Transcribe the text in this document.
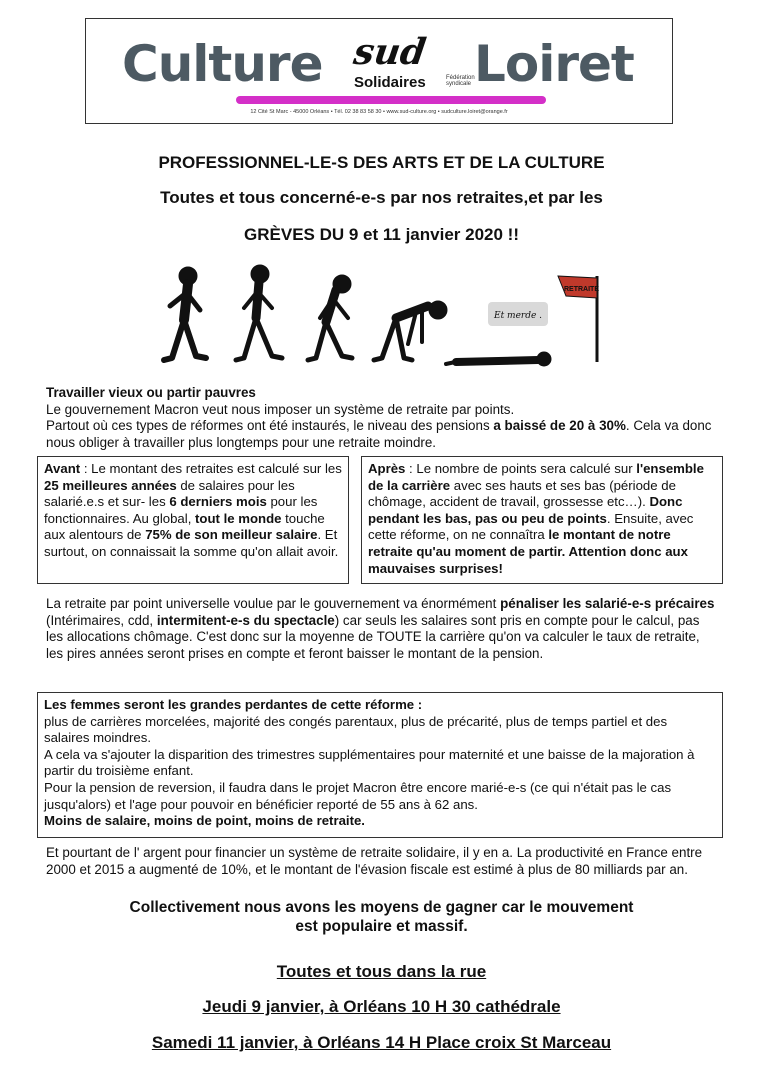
Culture sud
Solidaires	Fédération
syndicale Loiret
12 Cité St Marc - 45000 Orléans • Tél. 02 38 83 58 30 • www.sud-culture.org • sudculture.loiret@orange.fr
PROFESSIONNEL-LE-S DES ARTS ET DE LA CULTURE
Toutes et tous concerné-e-s par nos retraites,et par les
GRÈVES DU 9 et 11 janvier 2020 !!
Et merde .
RETRAITE
Travailler vieux ou partir pauvres
Le gouvernement Macron veut nous imposer un système de retraite par points.
Partout où ces types de réformes ont été instaurés, le niveau des pensions a baissé de 20 à 30%. Cela va donc nous obliger à travailler plus longtemps pour une retraite moindre.
Avant : Le montant des retraites est calculé sur les 25 meilleures années de salaires pour les salarié.e.s et sur- les 6 derniers mois pour les fonctionnaires. Au global, tout le monde touche aux alentours de 75% de son meilleur salaire. Et surtout, on connaissait la somme qu'on allait avoir.
Après : Le nombre de points sera calculé sur l'ensemble de la carrière avec ses hauts et ses bas (période de chômage, accident de travail, grossesse etc…). Donc pendant les bas, pas ou peu de points. Ensuite, avec cette réforme, on ne connaîtra le montant de notre retraite qu'au moment de partir. Attention donc aux mauvaises surprises!
La retraite par point universelle voulue par le gouvernement va énormément pénaliser les salarié-e-s précaires (Intérimaires, cdd, intermitent-e-s du spectacle) car seuls les salaires sont pris en compte pour le calcul, pas les allocations chômage. C'est donc sur la moyenne de TOUTE la carrière qu'on va calculer le taux de retraite, les pires années seront prises en compte et feront baisser le montant de la pension.
Les femmes seront les grandes perdantes de cette réforme :
plus de carrières morcelées, majorité des congés parentaux, plus de précarité, plus de temps partiel et des salaires moindres.
A cela va s'ajouter la disparition des trimestres supplémentaires pour maternité et une baisse de la majoration à partir du troisième enfant.
Pour la pension de reversion, il faudra dans le projet Macron être encore marié-e-s (ce qui n'était pas le cas jusqu'alors) et l'age pour pouvoir en bénéficier reporté de 55 ans à 62 ans.
Moins de salaire, moins de point, moins de retraite.
Et pourtant de l' argent pour financier un système de retraite solidaire, il y en a. La productivité en France entre 2000 et 2015 a augmenté de 10%, et le montant de l'évasion fiscale est estimé à plus de 80 milliards par an.
Collectivement nous avons les moyens de gagner car le mouvement
est populaire et massif.
Toutes et tous dans la rue
Jeudi 9 janvier, à Orléans 10 H 30 cathédrale
Samedi 11 janvier, à Orléans 14 H Place croix St Marceau
